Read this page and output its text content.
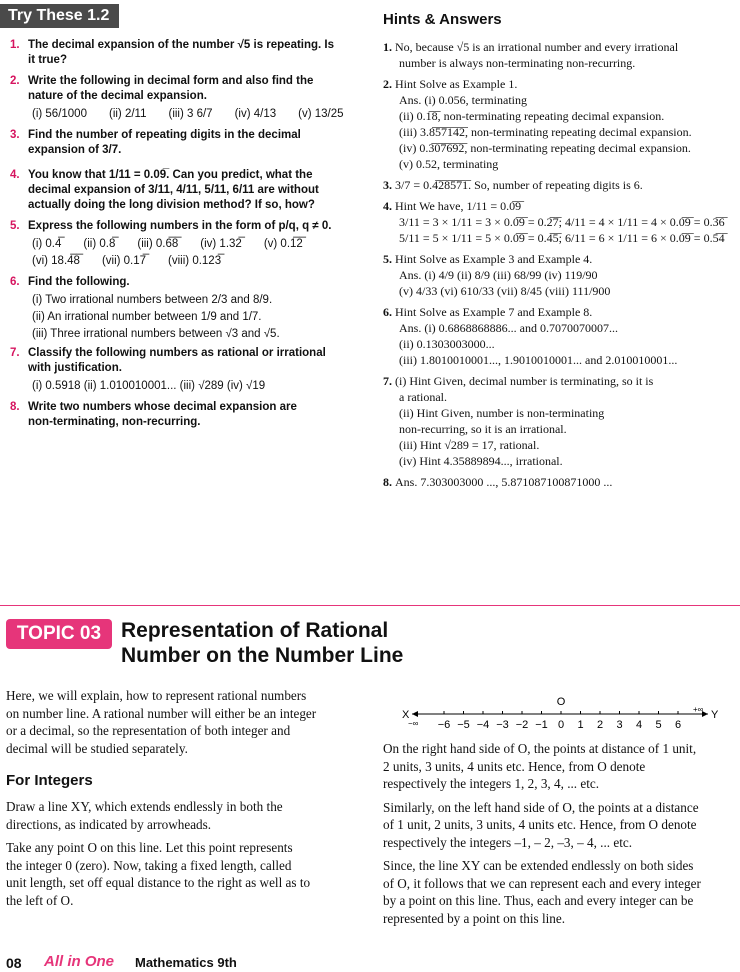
Try These 1.2	Hints & Answers
1. The decimal expansion of the number √5 is repeating. Is
it true?
2. Write the following in decimal form and also find the
nature of the decimal expansion.
(i) 56/1000 (ii) 2/11 (iii) 3 6/7 (iv) 4/13 (v) 13/25
3. Find the number of repeating digits in the decimal
expansion of 3/7.
4. You know that 1/11 = 0.09̅. Can you predict, what the
decimal expansion of 3/11, 4/11, 5/11, 6/11 are without
actually doing the long division method? If so, how?
5. Express the following numbers in the form of p/q, q ≠ 0.
(i) 0.4̅ (ii) 0.8̅ (iii) 0.6̅8̅ (iv) 1.32̅ (v) 0.1̅2̅
(vi) 18.4̅8̅ (vii) 0.17̅ (viii) 0.123̅
6. Find the following.
(i) Two irrational numbers between 2/3 and 8/9.
(ii) An irrational number between 1/9 and 1/7.
(iii) Three irrational numbers between √3 and √5.
7. Classify the following numbers as rational or irrational
with justification.
(i) 0.5918 (ii) 1.010010001... (iii) √289 (iv) √19
8. Write two numbers whose decimal expansion are
non-terminating, non-recurring.
1. No, because √5 is an irrational number and every irrational
number is always non-terminating non-recurring.
2. Hint Solve as Example 1.
Ans. (i) 0.056, terminating
(ii) 0.1̅8̅, non-terminating repeating decimal expansion.
(iii) 3.8̅5̅7̅1̅4̅2̅, non-terminating repeating decimal expansion.
(iv) 0.3̅0̅7̅6̅9̅2̅, non-terminating repeating decimal expansion.
(v) 0.52, terminating
3. 3/7 = 0.4̅2̅8̅5̅7̅1̅. So, number of repeating digits is 6.
4. Hint We have, 1/11 = 0.0̅9̅
3/11 = 3 × 1/11 = 3 × 0.0̅9̅ = 0.2̅7̅; 4/11 = 4 × 1/11 = 4 × 0.0̅9̅ = 0.3̅6̅
5/11 = 5 × 1/11 = 5 × 0.0̅9̅ = 0.4̅5̅; 6/11 = 6 × 1/11 = 6 × 0.0̅9̅ = 0.5̅4̅
5. Hint Solve as Example 3 and Example 4.
Ans. (i) 4/9 (ii) 8/9 (iii) 68/99 (iv) 119/90
(v) 4/33 (vi) 610/33 (vii) 8/45 (viii) 111/900
6. Hint Solve as Example 7 and Example 8.
Ans. (i) 0.6868868886... and 0.7070070007...
(ii) 0.1303003000...
(iii) 1.8010010001..., 1.9010010001... and 2.010010001...
7. (i) Hint Given, decimal number is terminating, so it is
a rational.
(ii) Hint Given, number is non-terminating
non-recurring, so it is an irrational.
(iii) Hint √289 = 17, rational.
(iv) Hint 4.35889894..., irrational.
8. Ans. 7.303003000 ..., 5.871087100871000 ...
TOPIC 03 Representation of Rational
Number on the Number Line
Here, we will explain, how to represent rational numbers
on number line. A rational number will either be an integer
or a decimal, so the representation of both integer and
decimal will be studied separately.
For Integers
Draw a line XY, which extends endlessly in both the
directions, as indicated by arrowheads.
Take any point O on this line. Let this point represents
the integer 0 (zero). Now, taking a fixed length, called
unit length, set off equal distance to the right as well as to
the left of O.
X	Y
−∞
+∞
−6 −5 −4 −3 −2 −1 0
O
1 2 3 4 5 6
On the right hand side of O, the points at distance of 1 unit,
2 units, 3 units, 4 units etc. Hence, from O denote
respectively the integers 1, 2, 3, 4, ... etc.
Similarly, on the left hand side of O, the points at a distance
of 1 unit, 2 units, 3 units, 4 units etc. Hence, from O denote
respectively the integers –1, – 2, –3, – 4, ... etc.
Since, the line XY can be extended endlessly on both sides
of O, it follows that we can represent each and every integer
by a point on this line. Thus, each and every integer can be
represented by a point on this line.
08 All in One Mathematics 9th
